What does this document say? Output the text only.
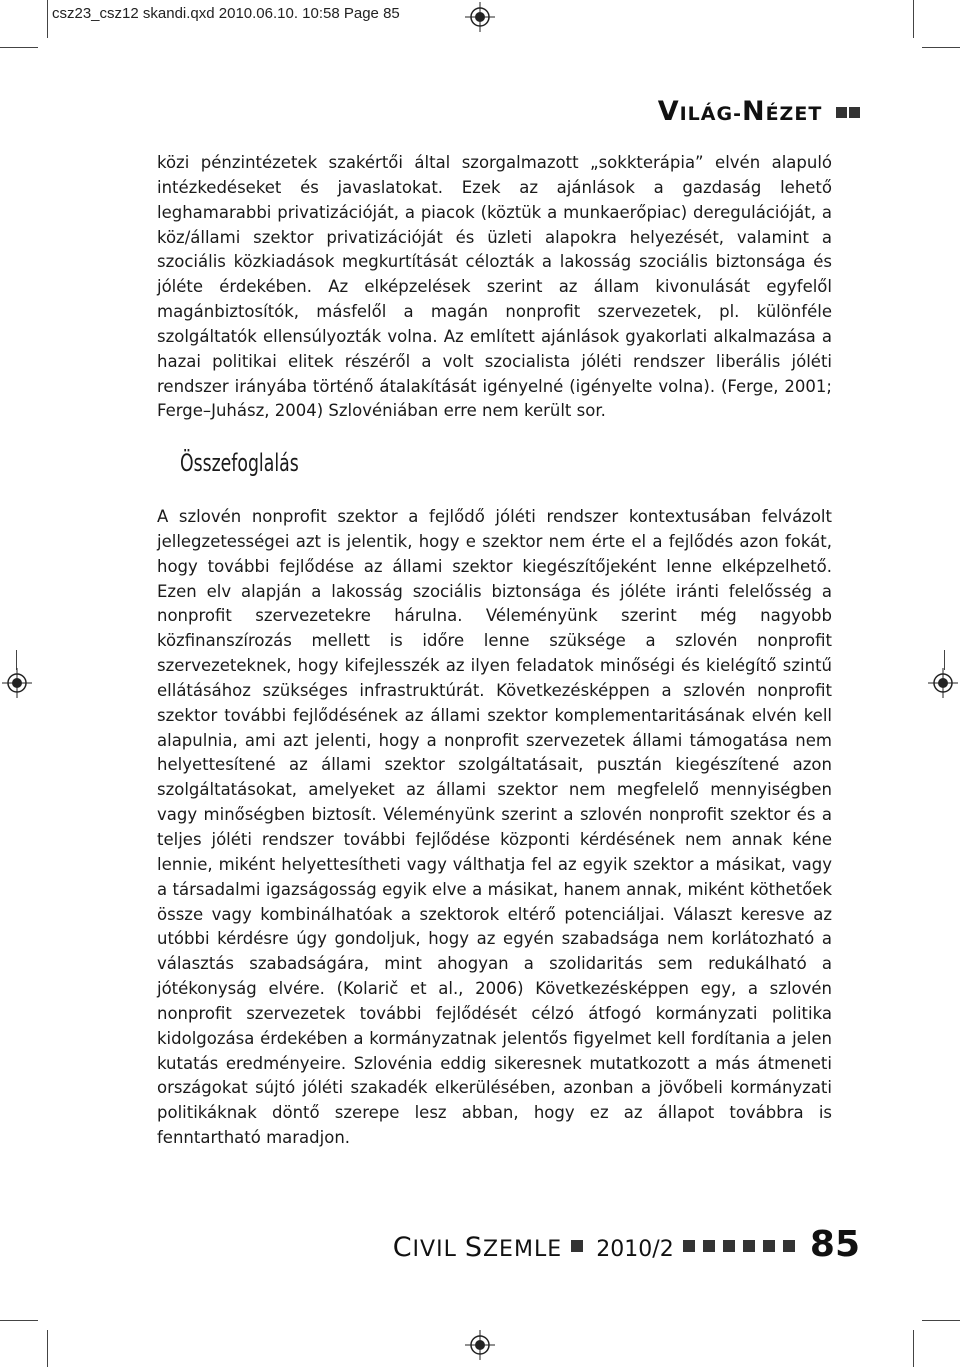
csz23_csz12 skandi.qxd 2010.06.10. 10:58 Page 85
VILÁG-NÉZET

közi pénzintézetek szakértői által szorgalmazott „sokkterápia” elvén alapuló intézkedéseket és javaslatokat. Ezek az ajánlások a gazdaság lehető leghamarabbi privatizációját, a piacok (köztük a munkaerőpiac) deregulációját, a köz/állami szektor privatizációját és üzleti alapokra helyezését, valamint a szociális közkiadások megkurtítását célozták a lakosság szociális biztonsága és jóléte érdekében. Az elképzelések szerint az állam kivonulását egyfelől magánbiztosítók, másfelől a magán nonprofit szervezetek, pl. különféle szolgáltatók ellensúlyozták volna. Az említett ajánlások gyakorlati alkalmazása a hazai politikai elitek részéről a volt szocialista jóléti rendszer liberális jóléti rendszer irányába történő átalakítását igényelné (igényelte volna). (Ferge, 2001; Ferge–Juhász, 2004) Szlovéniában erre nem került sor.

Összefoglalás

A szlovén nonprofit szektor a fejlődő jóléti rendszer kontextusában felvázolt jellegzetességei azt is jelentik, hogy e szektor nem érte el a fejlődés azon fokát, hogy további fejlődése az állami szektor kiegészítőjeként lenne elképzelhető. Ezen elv alapján a lakosság szociális biztonsága és jóléte iránti felelősség a nonprofit szervezetekre hárulna. Véleményünk szerint még nagyobb közfinanszírozás mellett is időre lenne szüksége a szlovén nonprofit szervezeteknek, hogy kifejlesszék az ilyen feladatok minőségi és kielégítő szintű ellátásához szükséges infrastruktúrát. Következésképpen a szlovén nonprofit szektor további fejlődésének az állami szektor komplementaritásának elvén kell alapulnia, ami azt jelenti, hogy a nonprofit szervezetek állami támogatása nem helyettesítené az állami szektor szolgáltatásait, pusztán kiegészítené azon szolgáltatásokat, amelyeket az állami szektor nem megfelelő mennyiségben vagy minőségben biztosít. Véleményünk szerint a szlovén nonprofit szektor és a teljes jóléti rendszer további fejlődése központi kérdésének nem annak kéne lennie, miként helyettesítheti vagy válthatja fel az egyik szektor a másikat, vagy a társadalmi igazságosság egyik elve a másikat, hanem annak, miként köthetőek össze vagy kombinálhatóak a szektorok eltérő potenciáljai. Választ keresve az utóbbi kérdésre úgy gondoljuk, hogy az egyén szabadsága nem korlátozható a választás szabadságára, mint ahogyan a szolidaritás sem redukálható a jótékonyság elvére. (Kolarič et al., 2006) Következésképpen egy, a szlovén nonprofit szervezetek további fejlődését célzó átfogó kormányzati politika kidolgozása érdekében a kormányzatnak jelentős figyelmet kell fordítania a jelen kutatás eredményeire. Szlovénia eddig sikeresnek mutatkozott a más átmeneti országokat sújtó jóléti szakadék elkerülésében, azonban a jövőbeli kormányzati politikáknak döntő szerepe lesz abban, hogy ez az állapot továbbra is fenntartható maradjon.

CIVIL SZEMLE 2010/2	85
